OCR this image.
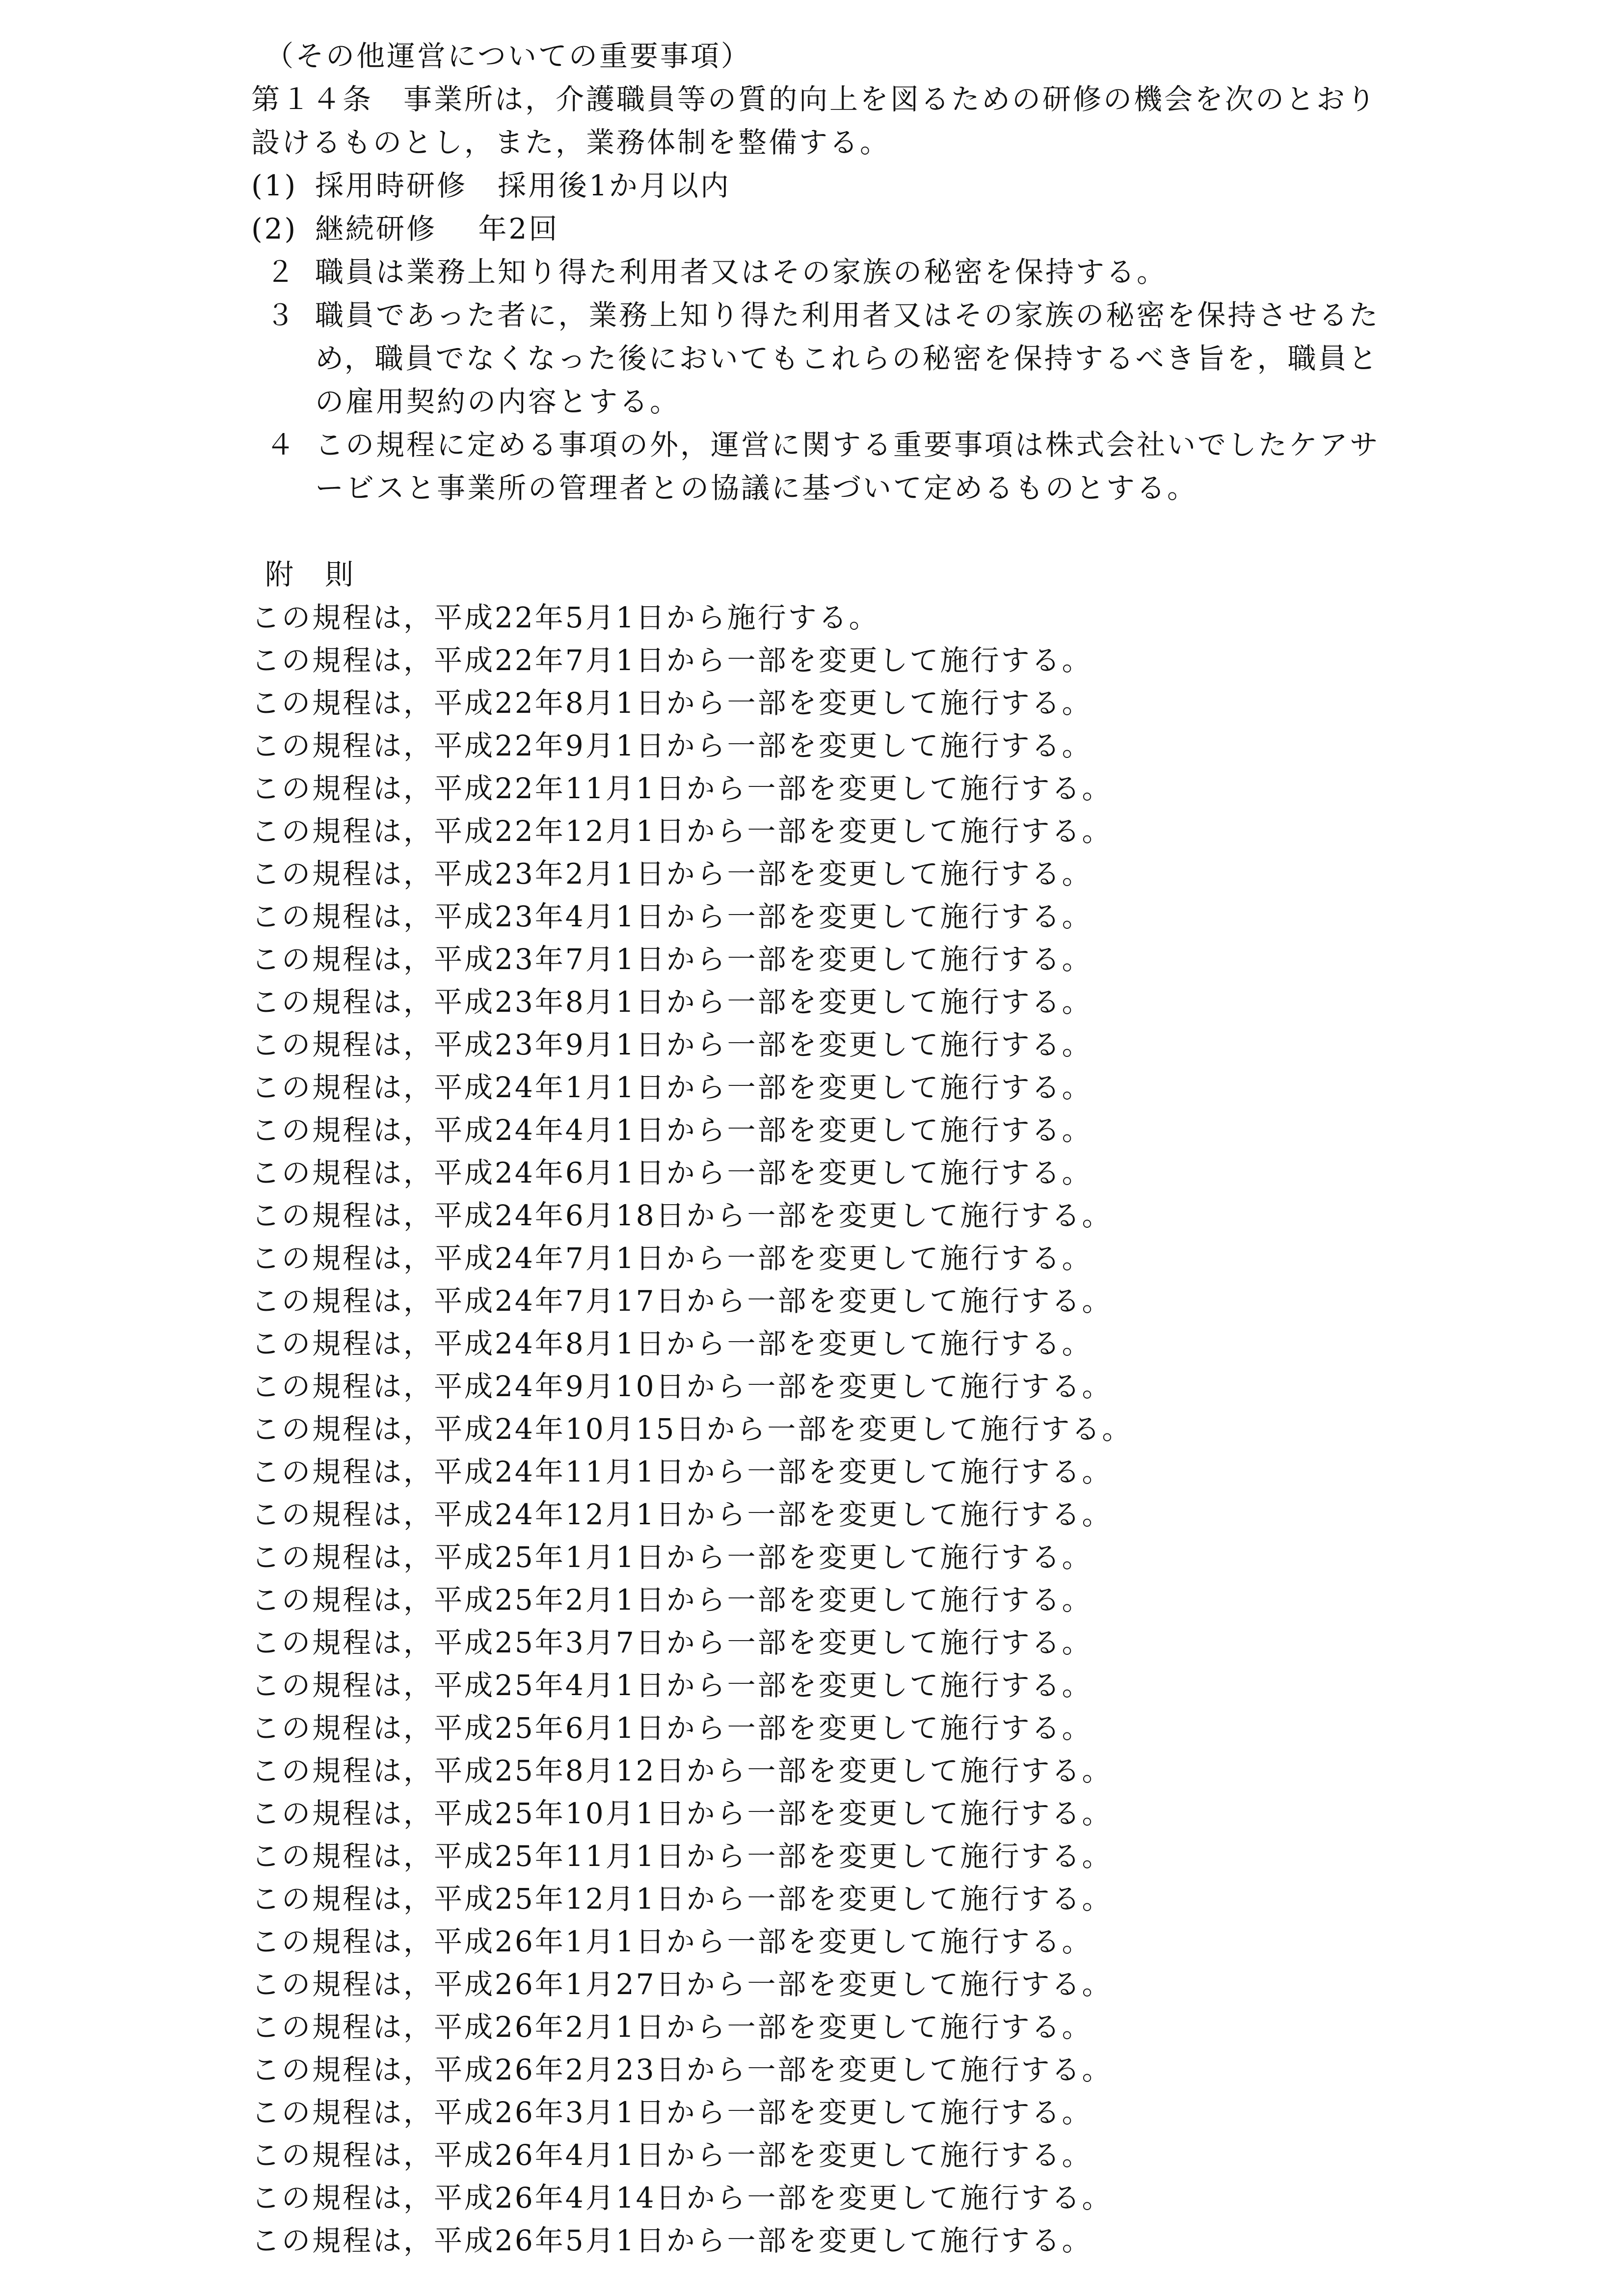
（その他運営についての重要事項）
第１４条　事業所は，介護職員等の質的向上を図るための研修の機会を次のとおり
設けるものとし，また，業務体制を整備する。
(1) 採用時研修　採用後1か月以内
(2) 継続研修　 年2回
２ 職員は業務上知り得た利用者又はその家族の秘密を保持する。
３ 職員であった者に，業務上知り得た利用者又はその家族の秘密を保持させるた
め，職員でなくなった後においてもこれらの秘密を保持するべき旨を，職員と
の雇用契約の内容とする。
４ この規程に定める事項の外，運営に関する重要事項は株式会社いでしたケアサ
ービスと事業所の管理者との協議に基づいて定めるものとする。
附 則
この規程は，平成22年5月1日から施行する。
この規程は，平成22年7月1日から一部を変更して施行する。
この規程は，平成22年8月1日から一部を変更して施行する。
この規程は，平成22年9月1日から一部を変更して施行する。
この規程は，平成22年11月1日から一部を変更して施行する。
この規程は，平成22年12月1日から一部を変更して施行する。
この規程は，平成23年2月1日から一部を変更して施行する。
この規程は，平成23年4月1日から一部を変更して施行する。
この規程は，平成23年7月1日から一部を変更して施行する。
この規程は，平成23年8月1日から一部を変更して施行する。
この規程は，平成23年9月1日から一部を変更して施行する。
この規程は，平成24年1月1日から一部を変更して施行する。
この規程は，平成24年4月1日から一部を変更して施行する。
この規程は，平成24年6月1日から一部を変更して施行する。
この規程は，平成24年6月18日から一部を変更して施行する。
この規程は，平成24年7月1日から一部を変更して施行する。
この規程は，平成24年7月17日から一部を変更して施行する。
この規程は，平成24年8月1日から一部を変更して施行する。
この規程は，平成24年9月10日から一部を変更して施行する。
この規程は，平成24年10月15日から一部を変更して施行する。
この規程は，平成24年11月1日から一部を変更して施行する。
この規程は，平成24年12月1日から一部を変更して施行する。
この規程は，平成25年1月1日から一部を変更して施行する。
この規程は，平成25年2月1日から一部を変更して施行する。
この規程は，平成25年3月7日から一部を変更して施行する。
この規程は，平成25年4月1日から一部を変更して施行する。
この規程は，平成25年6月1日から一部を変更して施行する。
この規程は，平成25年8月12日から一部を変更して施行する。
この規程は，平成25年10月1日から一部を変更して施行する。
この規程は，平成25年11月1日から一部を変更して施行する。
この規程は，平成25年12月1日から一部を変更して施行する。
この規程は，平成26年1月1日から一部を変更して施行する。
この規程は，平成26年1月27日から一部を変更して施行する。
この規程は，平成26年2月1日から一部を変更して施行する。
この規程は，平成26年2月23日から一部を変更して施行する。
この規程は，平成26年3月1日から一部を変更して施行する。
この規程は，平成26年4月1日から一部を変更して施行する。
この規程は，平成26年4月14日から一部を変更して施行する。
この規程は，平成26年5月1日から一部を変更して施行する。
